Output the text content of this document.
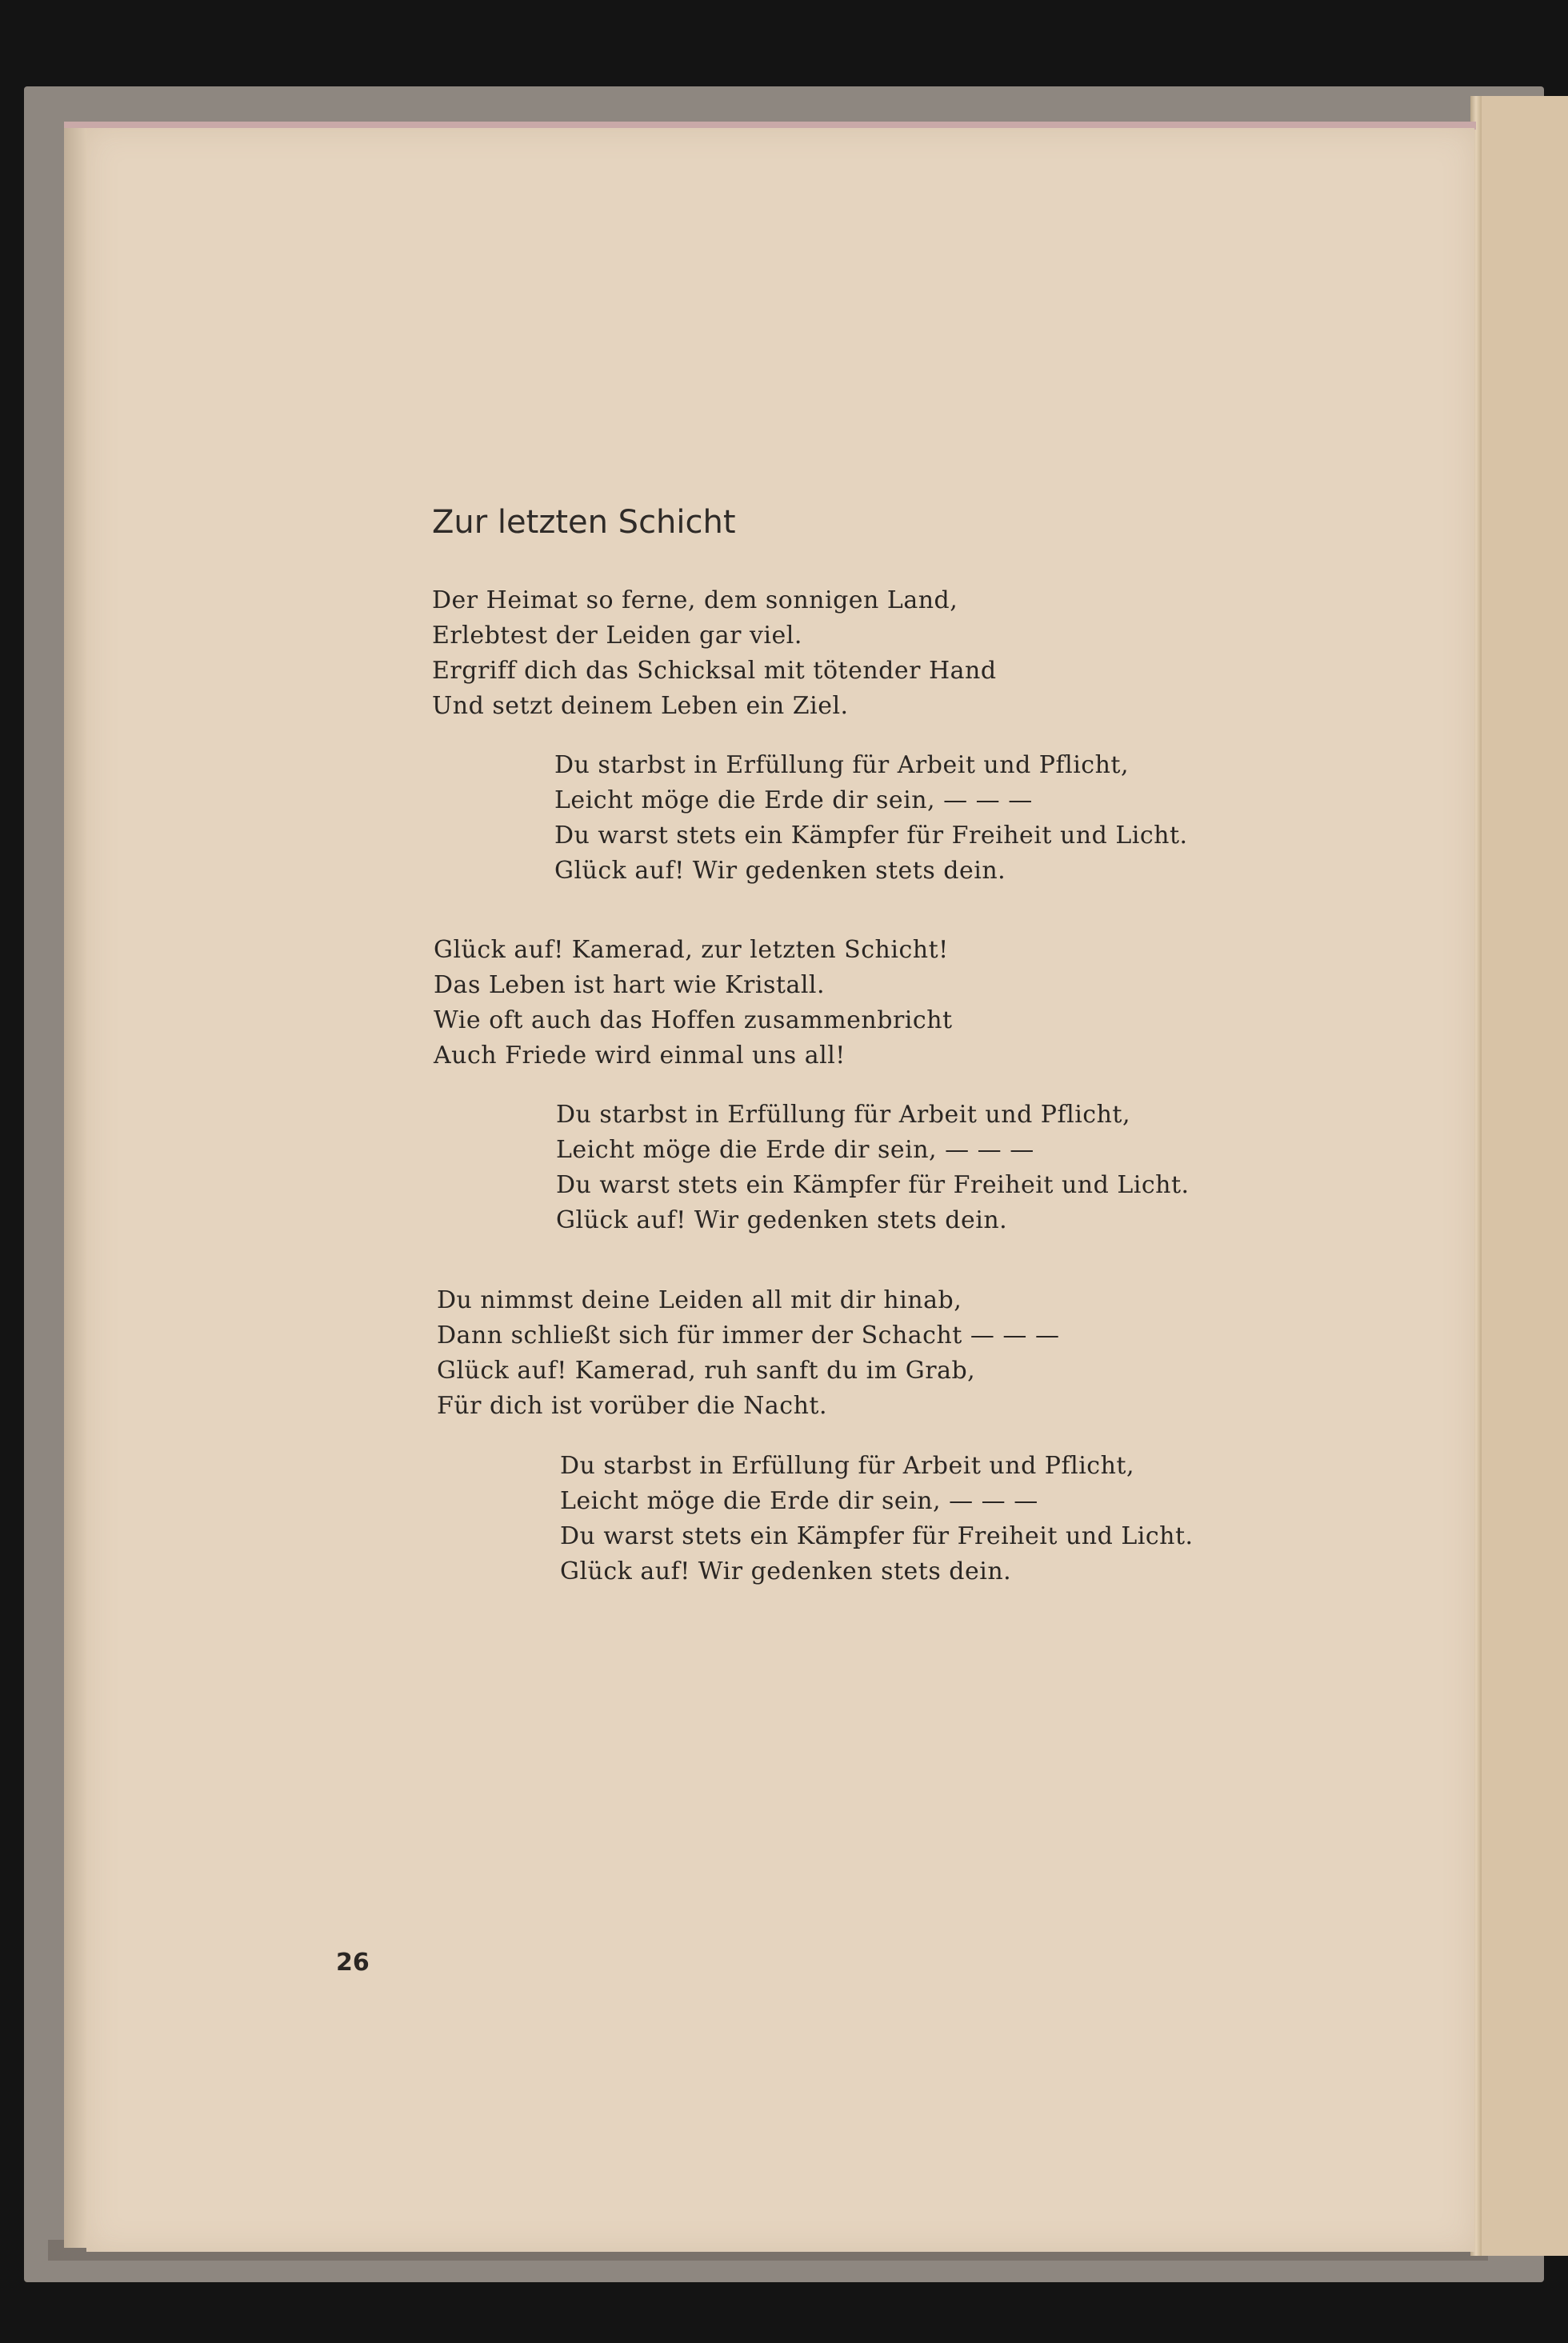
Zur letzten Schicht
Der Heimat so ferne, dem sonnigen Land,
Erlebtest der Leiden gar viel.
Ergriff dich das Schicksal mit tötender Hand
Und setzt deinem Leben ein Ziel.
Du starbst in Erfüllung für Arbeit und Pflicht,
Leicht möge die Erde dir sein, — — —
Du warst stets ein Kämpfer für Freiheit und Licht.
Glück auf! Wir gedenken stets dein.
Glück auf! Kamerad, zur letzten Schicht!
Das Leben ist hart wie Kristall.
Wie oft auch das Hoffen zusammenbricht
Auch Friede wird einmal uns all!
Du starbst in Erfüllung für Arbeit und Pflicht,
Leicht möge die Erde dir sein, — — —
Du warst stets ein Kämpfer für Freiheit und Licht.
Glück auf! Wir gedenken stets dein.
Du nimmst deine Leiden all mit dir hinab,
Dann schließt sich für immer der Schacht — — —
Glück auf! Kamerad, ruh sanft du im Grab,
Für dich ist vorüber die Nacht.
Du starbst in Erfüllung für Arbeit und Pflicht,
Leicht möge die Erde dir sein, — — —
Du warst stets ein Kämpfer für Freiheit und Licht.
Glück auf! Wir gedenken stets dein.
26
